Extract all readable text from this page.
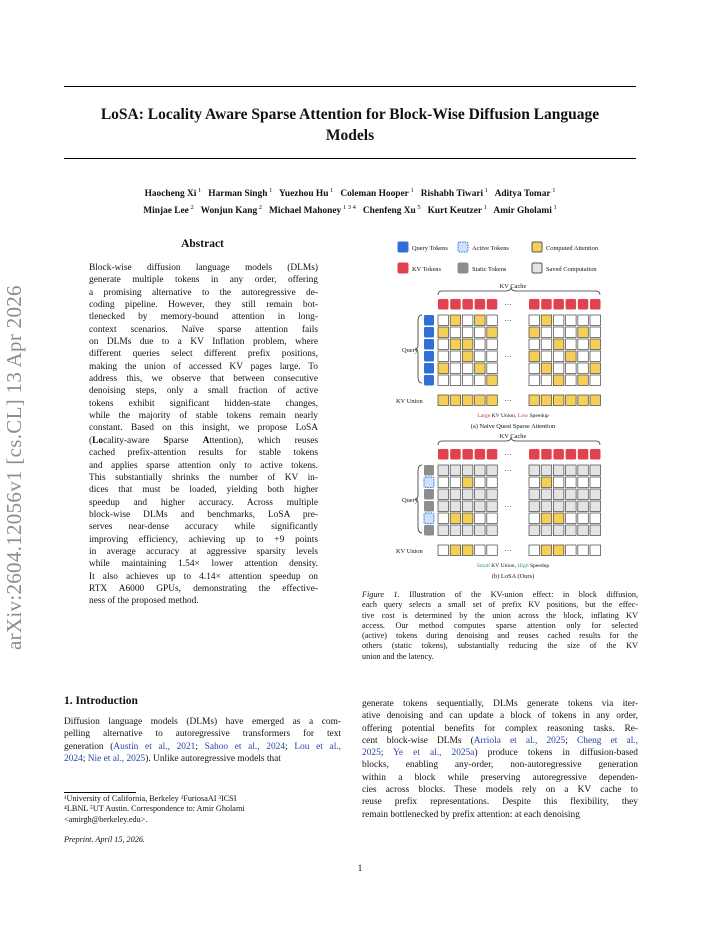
LoSA: Locality Aware Sparse Attention for Block-Wise Diffusion Language
Models
Haocheng Xi $^1$  Harman Singh $^1$  Yuezhou Hu $^1$  Coleman Hooper $^1$  Rishabh Tiwari $^1$  Aditya Tomar $^1$
Minjae Lee $^2$  Wonjun Kang $^2$  Michael Mahoney $^{1 3 4}$  Chenfeng Xu $^5$  Kurt Keutzer $^1$  Amir Gholami $^1$
arXiv:2604.12056v1 [cs.CL] 13 Apr 2026
Abstract
Block-wise diffusion language models (DLMs)
generate multiple tokens in any order, offering
a promising alternative to the autoregressive de-
coding pipeline. However, they still remain bot-
tlenecked by memory-bound attention in long-
context scenarios. Naïve sparse attention fails
on DLMs due to a KV Inflation problem, where
different queries select different prefix positions,
making the union of accessed KV pages large. To
address this, we observe that between consecutive
denoising steps, only a small fraction of active
tokens exhibit significant hidden-state changes,
while the majority of stable tokens remain nearly
constant. Based on this insight, we propose LoSA
(Locality-aware Sparse Attention), which reuses
cached prefix-attention results for stable tokens
and applies sparse attention only to active tokens.
This substantially shrinks the number of KV in-
dices that must be loaded, yielding both higher
speedup and higher accuracy. Across multiple
block-wise DLMs and benchmarks, LoSA pre-
serves near-dense accuracy while significantly
improving efficiency, achieving up to +9 points
in average accuracy at aggressive sparsity levels
while maintaining 1.54× lower attention density.
It also achieves up to 4.14× attention speedup on
RTX A6000 GPUs, demonstrating the effective-
ness of the proposed method.
Query Tokens	Active Tokens	Computed Attention
KV Tokens	Static Tokens	Saved Computation
KV Cache
···
Query
···
···
KV Union	···
Large KV Union, Low Speedup
(a) Naive Quest Sparse Attention
KV Cache
···
Query
···
···
KV Union	···
Small KV Union, High Speedup
(b) LoSA (Ours)
Figure 1. Illustration of the KV-union effect: in block diffusion,
each query selects a small set of prefix KV positions, but the effec-
tive cost is determined by the union across the block, inflating KV
access. Our method computes sparse attention only for selected
(active) tokens during denoising and reuses cached results for the
others (static tokens), substantially reducing the size of the KV
union and the latency.
1. Introduction
Diffusion language models (DLMs) have emerged as a com-
pelling alternative to autoregressive transformers for text
generation (Austin et al., 2021; Sahoo et al., 2024; Lou et al.,
2024; Nie et al., 2025). Unlike autoregressive models that
generate tokens sequentially, DLMs generate tokens via iter-
ative denoising and can update a block of tokens in any order,
offering potential benefits for complex reasoning tasks. Re-
cent block-wise DLMs (Arriola et al., 2025; Cheng et al.,
2025; Ye et al., 2025a) produce tokens in diffusion-based
blocks, enabling any-order, non-autoregressive generation
within a block while preserving autoregressive dependen-
cies across blocks. These models rely on a KV cache to
reuse prefix representations. Despite this flexibility, they
remain bottlenecked by prefix attention: at each denoising
¹University of California, Berkeley ²FuriosaAI ³ICSI
⁴LBNL ⁵UT Austin. Correspondence to: Amir Gholami
<amirgh@berkeley.edu>.
Preprint. April 15, 2026.
1
